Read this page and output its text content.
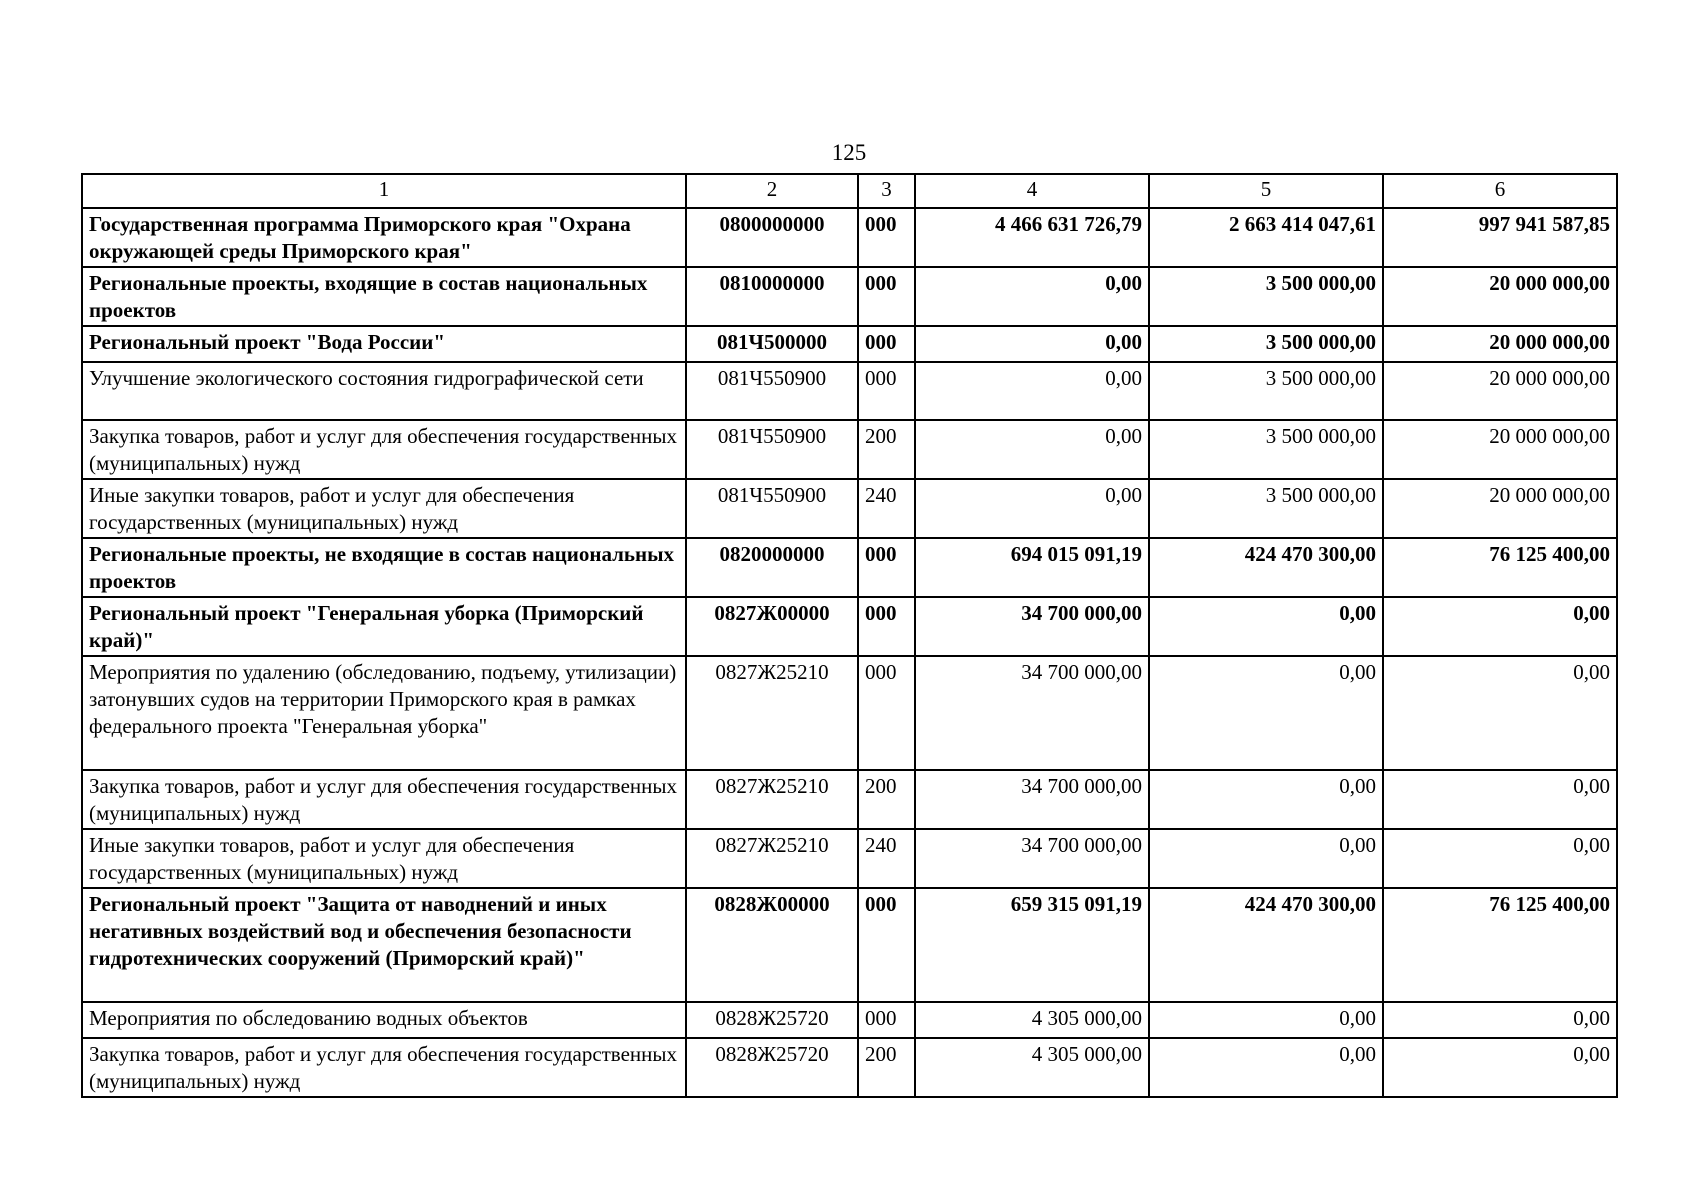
125
1	2	3	4	5	6
Государственная программа Приморского края "Охрана окружающей среды Приморского края"	0800000000	000	4 466 631 726,79	2 663 414 047,61	997 941 587,85
Региональные проекты, входящие в состав национальных проектов	0810000000	000	0,00	3 500 000,00	20 000 000,00
Региональный проект "Вода России"	081Ч500000	000	0,00	3 500 000,00	20 000 000,00
Улучшение экологического состояния гидрографической сети	081Ч550900	000	0,00	3 500 000,00	20 000 000,00
Закупка товаров, работ и услуг для обеспечения государственных (муниципальных) нужд	081Ч550900	200	0,00	3 500 000,00	20 000 000,00
Иные закупки товаров, работ и услуг для обеспечения государственных (муниципальных) нужд	081Ч550900	240	0,00	3 500 000,00	20 000 000,00
Региональные проекты, не входящие в состав национальных проектов	0820000000	000	694 015 091,19	424 470 300,00	76 125 400,00
Региональный проект "Генеральная уборка (Приморский край)"	0827Ж00000	000	34 700 000,00	0,00	0,00
Мероприятия по удалению (обследованию, подъему, утилизации) затонувших судов на территории Приморского края в рамках федерального проекта "Генеральная уборка"	0827Ж25210	000	34 700 000,00	0,00	0,00
Закупка товаров, работ и услуг для обеспечения государственных (муниципальных) нужд	0827Ж25210	200	34 700 000,00	0,00	0,00
Иные закупки товаров, работ и услуг для обеспечения государственных (муниципальных) нужд	0827Ж25210	240	34 700 000,00	0,00	0,00
Региональный проект "Защита от наводнений и иных негативных воздействий вод и обеспечения безопасности гидротехнических сооружений (Приморский край)"	0828Ж00000	000	659 315 091,19	424 470 300,00	76 125 400,00
Мероприятия по обследованию водных объектов	0828Ж25720	000	4 305 000,00	0,00	0,00
Закупка товаров, работ и услуг для обеспечения государственных (муниципальных) нужд	0828Ж25720	200	4 305 000,00	0,00	0,00
